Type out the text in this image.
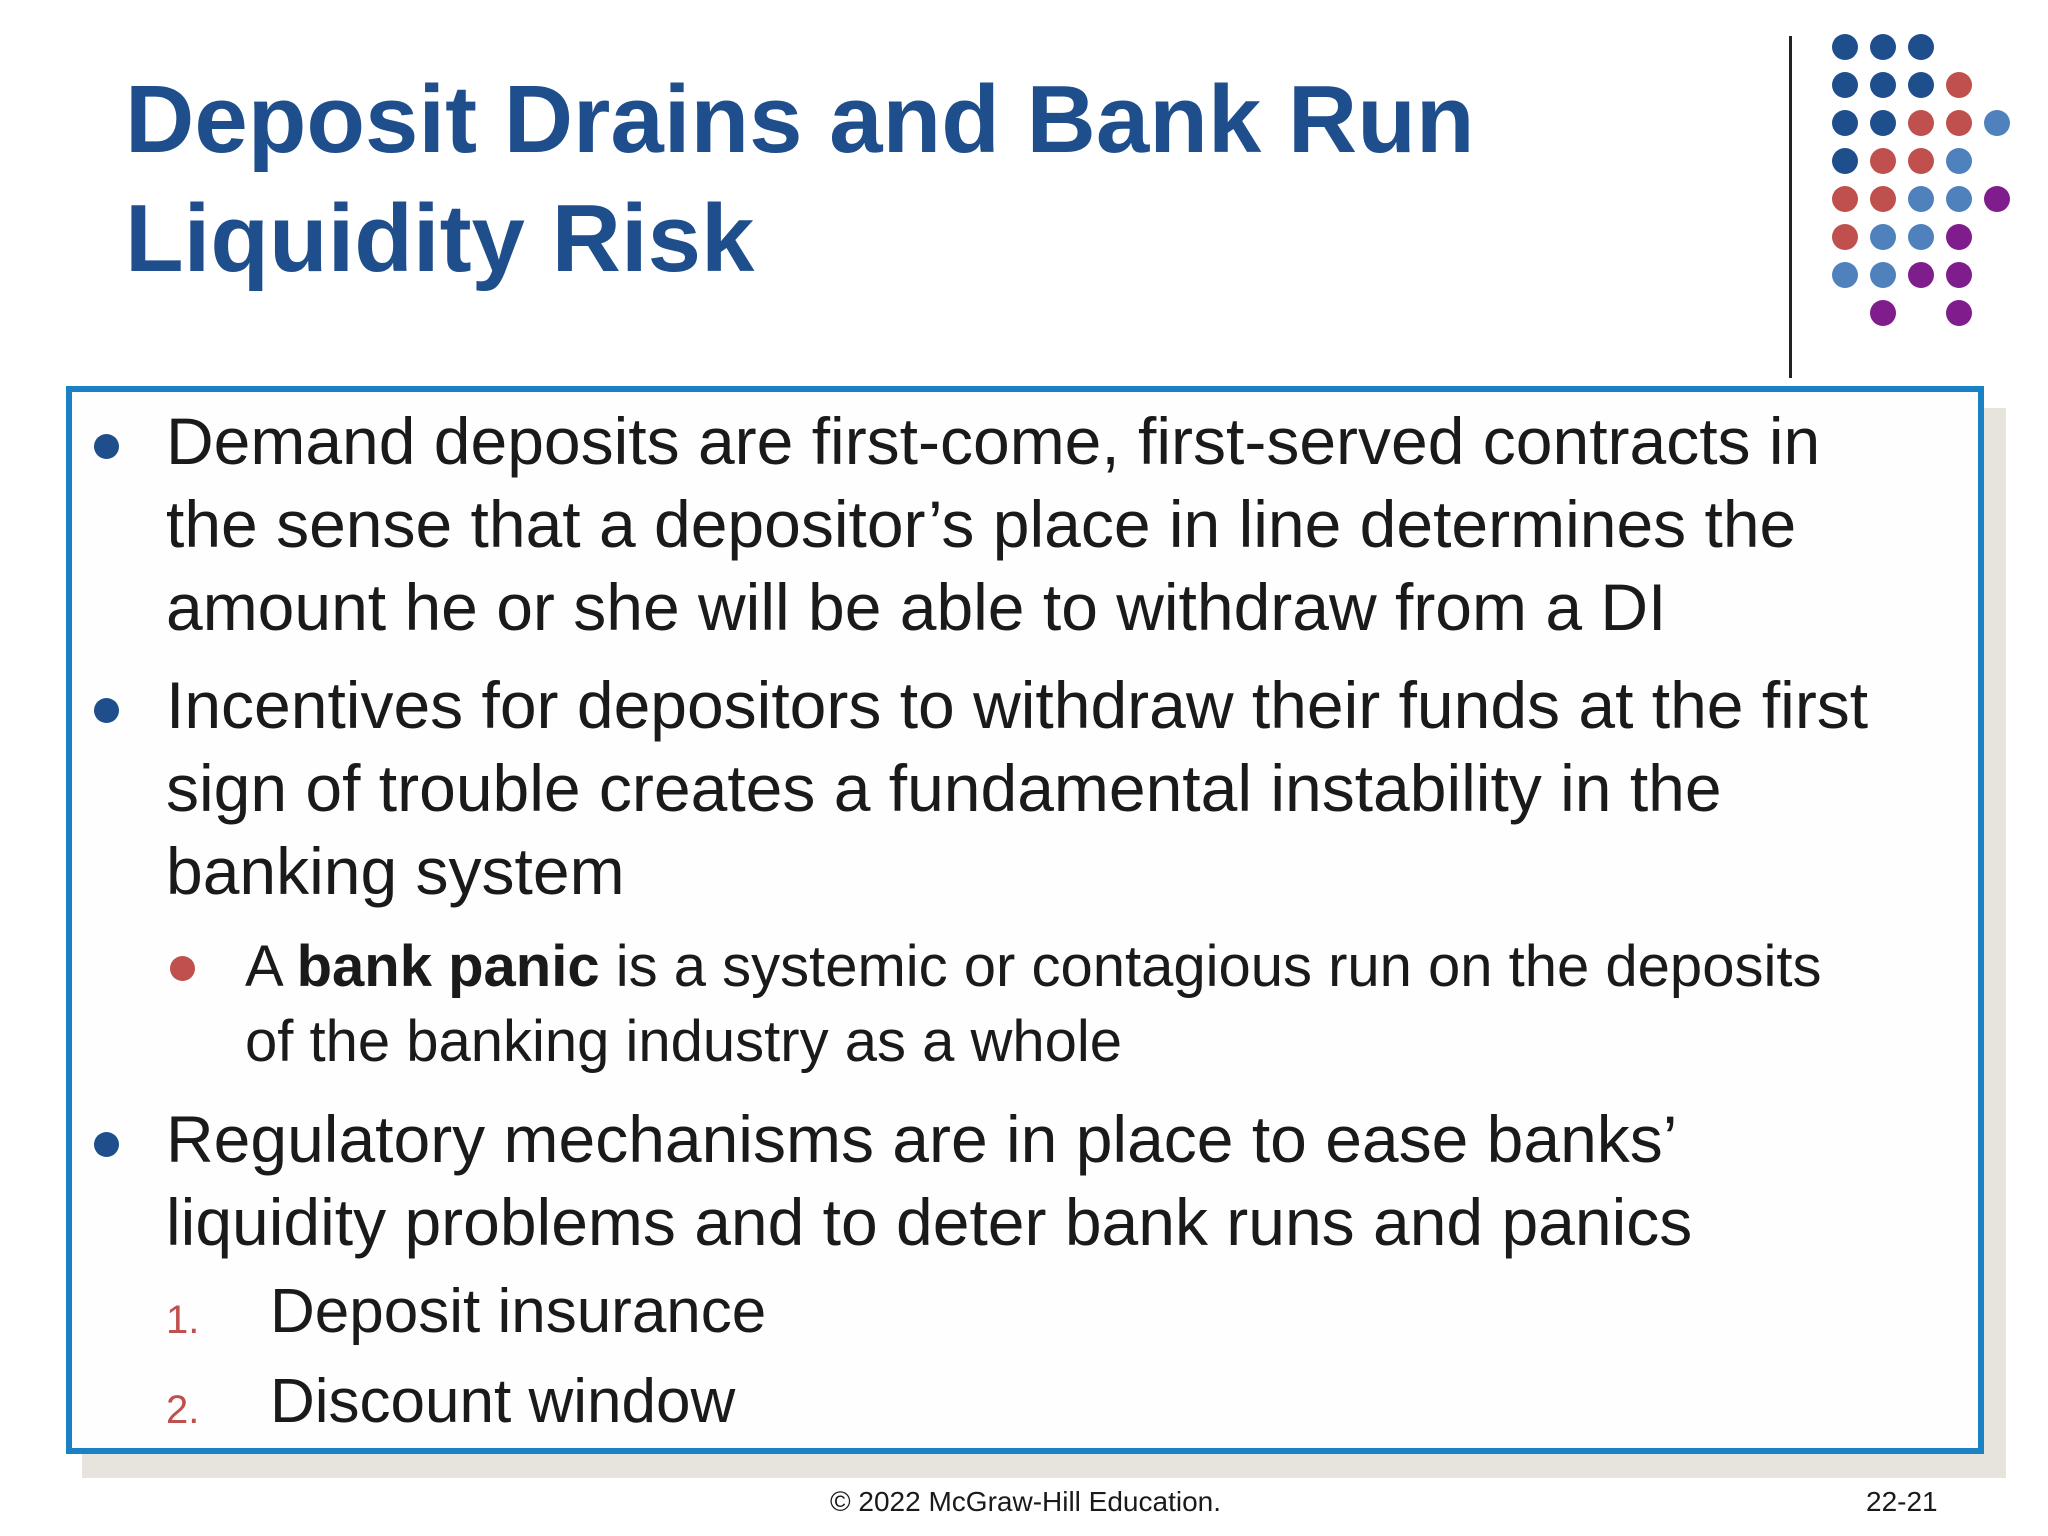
Deposit Drains and Bank Run
Liquidity Risk
Demand deposits are first-come, first-served contracts in
the sense that a depositor’s place in line determines the
amount he or she will be able to withdraw from a DI
Incentives for depositors to withdraw their funds at the first
sign of trouble creates a fundamental instability in the
banking system
A bank panic is a systemic or contagious run on the deposits
of the banking industry as a whole
Regulatory mechanisms are in place to ease banks’
liquidity problems and to deter bank runs and panics
1. Deposit insurance
2. Discount window
© 2022 McGraw-Hill Education.	22-21
